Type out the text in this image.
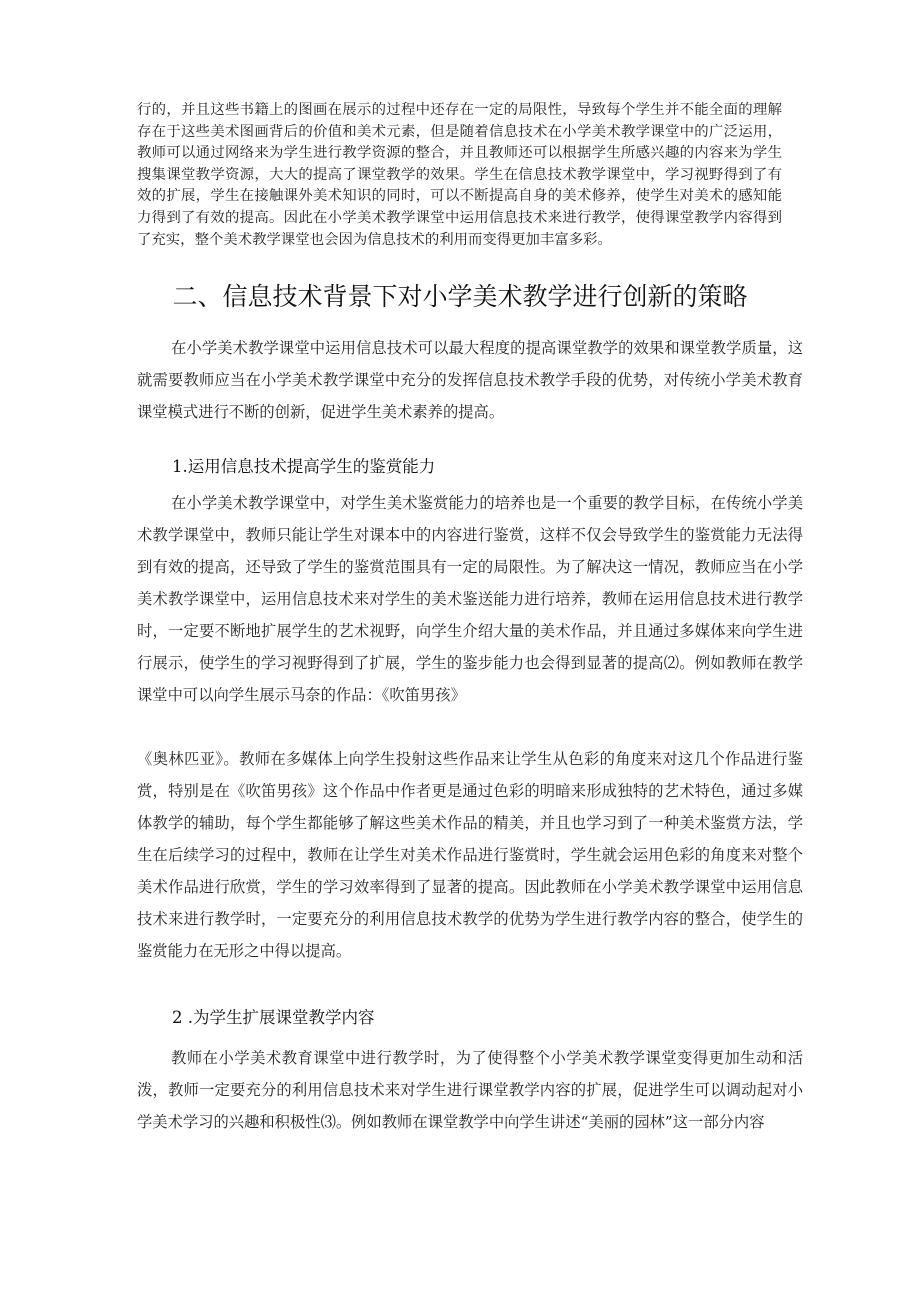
行的，并且这些书籍上的图画在展示的过程中还存在一定的局限性，导致每个学生并不能全面的理解存在于这些美术图画背后的价值和美术元素，但是随着信息技术在小学美术教学课堂中的广泛运用，教师可以通过网络来为学生进行教学资源的整合，并且教师还可以根据学生所感兴趣的内容来为学生搜集课堂教学资源，大大的提高了课堂教学的效果。学生在信息技术教学课堂中，学习视野得到了有效的扩展，学生在接触课外美术知识的同时，可以不断提高自身的美术修养，使学生对美术的感知能力得到了有效的提高。因此在小学美术教学课堂中运用信息技术来进行教学，使得课堂教学内容得到了充实，整个美术教学课堂也会因为信息技术的利用而变得更加丰富多彩。

二、信息技术背景下对小学美术教学进行创新的策略

在小学美术教学课堂中运用信息技术可以最大程度的提高课堂教学的效果和课堂教学质量，这就需要教师应当在小学美术教学课堂中充分的发挥信息技术教学手段的优势，对传统小学美术教育课堂模式进行不断的创新，促进学生美术素养的提高。

1.运用信息技术提高学生的鉴赏能力

在小学美术教学课堂中，对学生美术鉴赏能力的培养也是一个重要的教学目标，在传统小学美术教学课堂中，教师只能让学生对课本中的内容进行鉴赏，这样不仅会导致学生的鉴赏能力无法得到有效的提高，还导致了学生的鉴赏范围具有一定的局限性。为了解决这一情况，教师应当在小学美术教学课堂中，运用信息技术来对学生的美术鉴送能力进行培养，教师在运用信息技术进行教学时，一定要不断地扩展学生的艺术视野，向学生介绍大量的美术作品，并且通过多媒体来向学生进行展示，使学生的学习视野得到了扩展，学生的鉴步能力也会得到显著的提高⑵。例如教师在教学课堂中可以向学生展示马奈的作品：《吹笛男孩》

《奥林匹亚》。教师在多媒体上向学生投射这些作品来让学生从色彩的角度来对这几个作品进行鉴赏，特别是在《吹笛男孩》这个作品中作者更是通过色彩的明暗来形成独特的艺术特色，通过多媒体教学的辅助，每个学生都能够了解这些美术作品的精美，并且也学习到了一种美术鉴赏方法，学生在后续学习的过程中，教师在让学生对美术作品进行鉴赏时，学生就会运用色彩的角度来对整个美术作品进行欣赏，学生的学习效率得到了显著的提高。因此教师在小学美术教学课堂中运用信息技术来进行教学时，一定要充分的利用信息技术教学的优势为学生进行教学内容的整合，使学生的鉴赏能力在无形之中得以提高。

2 .为学生扩展课堂教学内容

教师在小学美术教育课堂中进行教学时，为了使得整个小学美术教学课堂变得更加生动和活泼，教师一定要充分的利用信息技术来对学生进行课堂教学内容的扩展，促进学生可以调动起对小学美术学习的兴趣和积极性⑶。例如教师在课堂教学中向学生讲述“美丽的园林”这一部分内容
